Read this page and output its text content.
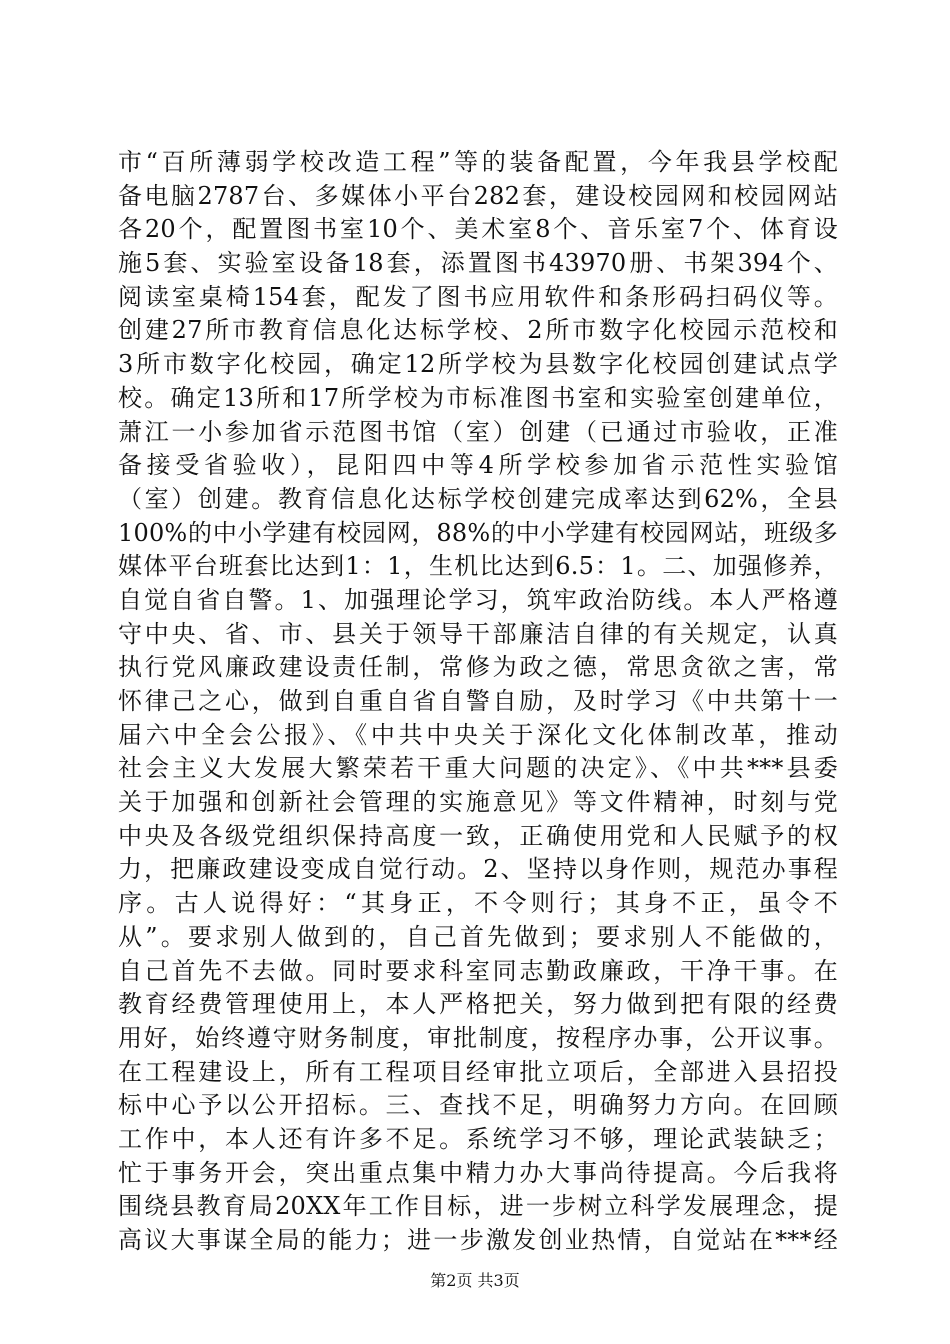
市“百所薄弱学校改造工程”等的装备配置，今年我县学校配
备电脑2787台、多媒体小平台282套，建设校园网和校园网站
各20个，配置图书室10个、美术室8个、音乐室7个、体育设
施5套、实验室设备18套，添置图书43970册、书架394个、
阅读室桌椅154套，配发了图书应用软件和条形码扫码仪等。
创建27所市教育信息化达标学校、2所市数字化校园示范校和
3所市数字化校园，确定12所学校为县数字化校园创建试点学
校。确定13所和17所学校为市标准图书室和实验室创建单位，
萧江一小参加省示范图书馆（室）创建（已通过市验收，正准
备接受省验收），昆阳四中等4所学校参加省示范性实验馆
（室）创建。教育信息化达标学校创建完成率达到62%，全县
100%的中小学建有校园网，88%的中小学建有校园网站，班级多
媒体平台班套比达到1：1，生机比达到6.5：1。二、加强修养，
自觉自省自警。1、加强理论学习，筑牢政治防线。本人严格遵
守中央、省、市、县关于领导干部廉洁自律的有关规定，认真
执行党风廉政建设责任制，常修为政之德，常思贪欲之害，常
怀律己之心，做到自重自省自警自励，及时学习《中共第十一
届六中全会公报》、《中共中央关于深化文化体制改革，推动
社会主义大发展大繁荣若干重大问题的决定》、《中共***县委
关于加强和创新社会管理的实施意见》等文件精神，时刻与党
中央及各级党组织保持高度一致，正确使用党和人民赋予的权
力，把廉政建设变成自觉行动。2、坚持以身作则，规范办事程
序。古人说得好：“其身正，不令则行；其身不正，虽令不
从”。要求别人做到的，自己首先做到；要求别人不能做的，
自己首先不去做。同时要求科室同志勤政廉政，干净干事。在
教育经费管理使用上，本人严格把关，努力做到把有限的经费
用好，始终遵守财务制度，审批制度，按程序办事，公开议事。
在工程建设上，所有工程项目经审批立项后，全部进入县招投
标中心予以公开招标。三、查找不足，明确努力方向。在回顾
工作中，本人还有许多不足。系统学习不够，理论武装缺乏；
忙于事务开会，突出重点集中精力办大事尚待提高。今后我将
围绕县教育局20XX年工作目标，进一步树立科学发展理念，提
高议大事谋全局的能力；进一步激发创业热情，自觉站在***经
第2页 共3页
